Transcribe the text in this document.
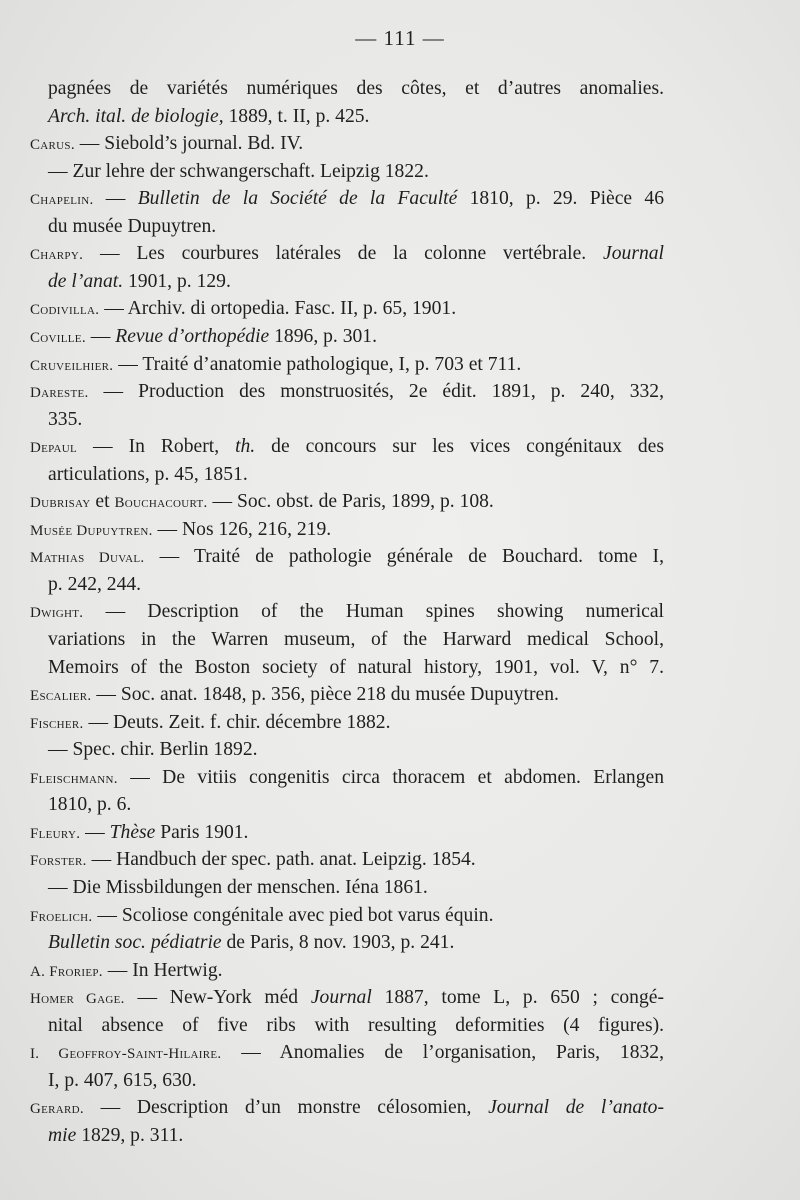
— 111 —
pagnées de variétés numériques des côtes, et d’autres anomalies.
Arch. ital. de biologie, 1889, t. II, p. 425.
Carus. — Siebold’s journal. Bd. IV.
— Zur lehre der schwangerschaft. Leipzig 1822.
Chapelin. — Bulletin de la Société de la Faculté 1810, p. 29. Pièce 46
du musée Dupuytren.
Charpy. — Les courbures latérales de la colonne vertébrale. Journal
de l’anat. 1901, p. 129.
Codivilla. — Archiv. di ortopedia. Fasc. II, p. 65, 1901.
Coville. — Revue d’orthopédie 1896, p. 301.
Cruveilhier. — Traité d’anatomie pathologique, I, p. 703 et 711.
Dareste. — Production des monstruosités, 2e édit. 1891, p. 240, 332,
335.
Depaul — In Robert, th. de concours sur les vices congénitaux des
articulations, p. 45, 1851.
Dubrisay et Bouchacourt. — Soc. obst. de Paris, 1899, p. 108.
Musée Dupuytren. — Nos 126, 216, 219.
Mathias Duval. — Traité de pathologie générale de Bouchard. tome I,
p. 242, 244.
Dwight. — Description of the Human spines showing numerical
variations in the Warren museum, of the Harward medical School,
Memoirs of the Boston society of natural history, 1901, vol. V, n° 7.
Escalier. — Soc. anat. 1848, p. 356, pièce 218 du musée Dupuytren.
Fischer. — Deuts. Zeit. f. chir. décembre 1882.
— Spec. chir. Berlin 1892.
Fleischmann. — De vitiis congenitis circa thoracem et abdomen. Erlangen
1810, p. 6.
Fleury. — Thèse Paris 1901.
Forster. — Handbuch der spec. path. anat. Leipzig. 1854.
— Die Missbildungen der menschen. Iéna 1861.
Froelich. — Scoliose congénitale avec pied bot varus équin.
Bulletin soc. pédiatrie de Paris, 8 nov. 1903, p. 241.
A. Froriep. — In Hertwig.
Homer Gage. — New-York méd Journal 1887, tome L, p. 650 ; congé-
nital absence of five ribs with resulting deformities (4 figures).
I. Geoffroy-Saint-Hilaire. — Anomalies de l’organisation, Paris, 1832,
I, p. 407, 615, 630.
Gerard. — Description d’un monstre célosomien, Journal de l’anato-
mie 1829, p. 311.
